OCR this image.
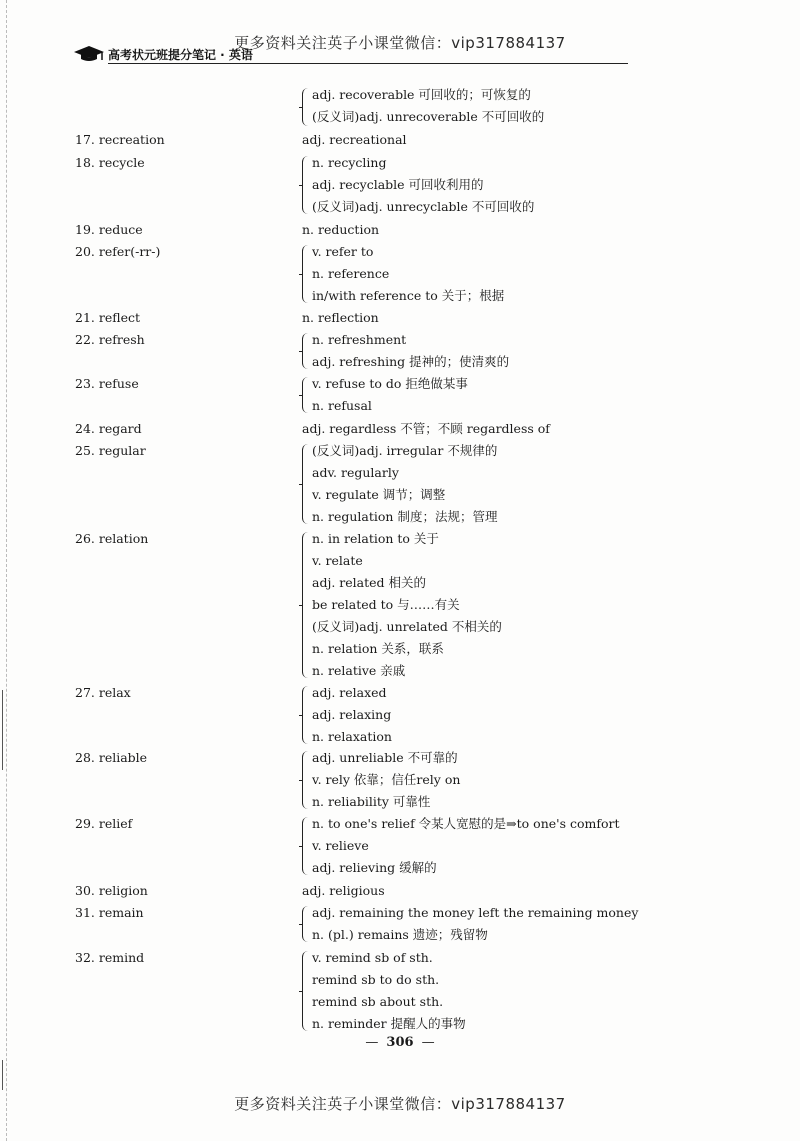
更多资料关注英子小课堂微信：vip317884137
高考状元班提分笔记 · 英语
adj. recoverable 可回收的；可恢复的
(反义词)adj. unrecoverable 不可回收的
17. recreation	adj. recreational
18. recycle	n. recycling
adj. recyclable 可回收利用的
(反义词)adj. unrecyclable 不可回收的
19. reduce	n. reduction
20. refer(-rr-)	v. refer to
n. reference
in/with reference to 关于；根据
21. reflect	n. reflection
22. refresh	n. refreshment
adj. refreshing 提神的；使清爽的
23. refuse	v. refuse to do 拒绝做某事
n. refusal
24. regard	adj. regardless 不管；不顾 regardless of
25. regular	(反义词)adj. irregular 不规律的
adv. regularly
v. regulate 调节；调整
n. regulation 制度；法规；管理
26. relation	n. in relation to 关于
v. relate
adj. related 相关的
be related to 与……有关
(反义词)adj. unrelated 不相关的
n. relation 关系，联系
n. relative 亲戚
27. relax	adj. relaxed
adj. relaxing
n. relaxation
28. reliable	adj. unreliable 不可靠的
v. rely 依靠；信任rely on
n. reliability 可靠性
29. relief	n. to one's relief 令某人宽慰的是⇒to one's comfort
v. relieve
adj. relieving 缓解的
30. religion	adj. religious
31. remain	adj. remaining the money left the remaining money
n. (pl.) remains 遗迹；残留物
32. remind	v. remind sb of sth.
remind sb to do sth.
remind sb about sth.
n. reminder 提醒人的事物
— 306 —
更多资料关注英子小课堂微信：vip317884137
